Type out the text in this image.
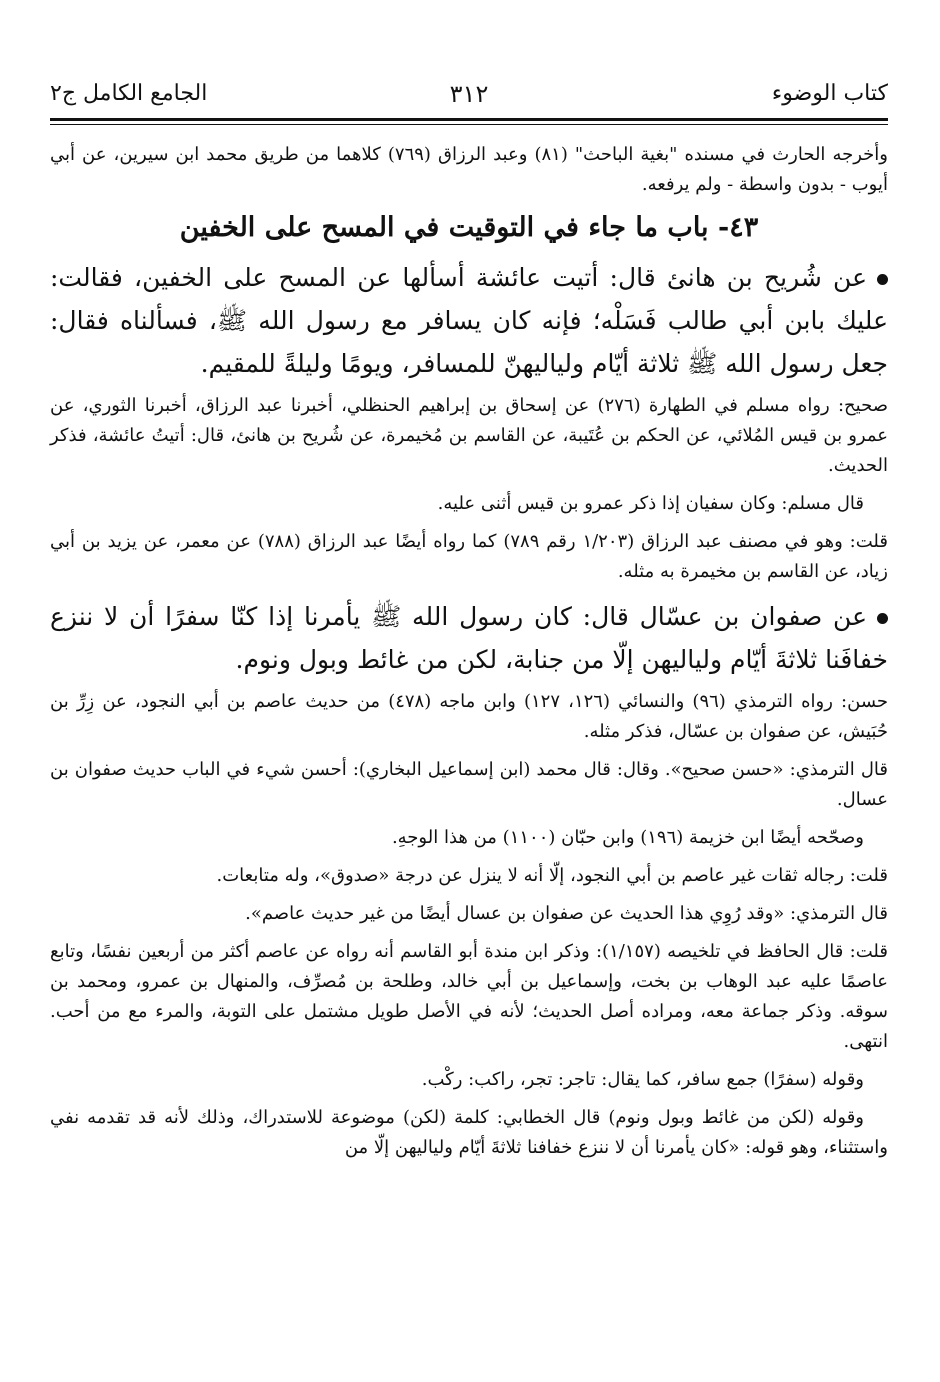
كتاب الوضوء
٣١٢
الجامع الكامل ج٢

وأخرجه الحارث في مسنده "بغية الباحث" (٨١) وعبد الرزاق (٧٦٩) كلاهما من طريق محمد ابن سيرين، عن أبي أيوب - بدون واسطة - ولم يرفعه.

٤٣- باب ما جاء في التوقيت في المسح على الخفين

عن شُريح بن هانئ قال: أتيت عائشة أسألها عن المسح على الخفين، فقالت: عليك بابن أبي طالب فَسَلْه؛ فإنه كان يسافر مع رسول الله ﷺ، فسألناه فقال: جعل رسول الله ﷺ ثلاثة أيّام ولياليهنّ للمسافر، ويومًا وليلةً للمقيم.

صحيح: رواه مسلم في الطهارة (٢٧٦) عن إسحاق بن إبراهيم الحنظلي، أخبرنا عبد الرزاق، أخبرنا الثوري، عن عمرو بن قيس المُلائي، عن الحكم بن عُتَيبة، عن القاسم بن مُخيمرة، عن شُريح بن هانئ، قال: أتيتُ عائشة، فذكر الحديث.

قال مسلم: وكان سفيان إذا ذكر عمرو بن قيس أثنى عليه.

قلت: وهو في مصنف عبد الرزاق (١/٢٠٣ رقم ٧٨٩) كما رواه أيضًا عبد الرزاق (٧٨٨) عن معمر، عن يزيد بن أبي زياد، عن القاسم بن مخيمرة به مثله.

عن صفوان بن عسّال قال: كان رسول الله ﷺ يأمرنا إذا كنّا سفرًا أن لا ننزع خفافَنا ثلاثةَ أيّام ولياليهن إلّا من جنابة، لكن من غائط وبول ونوم.

حسن: رواه الترمذي (٩٦) والنسائي (١٢٦، ١٢٧) وابن ماجه (٤٧٨) من حديث عاصم بن أبي النجود، عن زِرِّ بن حُبَيش، عن صفوان بن عسّال، فذكر مثله.

قال الترمذي: «حسن صحيح». وقال: قال محمد (ابن إسماعيل البخاري): أحسن شيء في الباب حديث صفوان بن عسال.

وصحّحه أيضًا ابن خزيمة (١٩٦) وابن حبّان (١١٠٠) من هذا الوجهِ.

قلت: رجاله ثقات غير عاصم بن أبي النجود، إلّا أنه لا ينزل عن درجة «صدوق»، وله متابعات.

قال الترمذي: «وقد رُوِي هذا الحديث عن صفوان بن عسال أيضًا من غير حديث عاصم».

قلت: قال الحافظ في تلخيصه (١/١٥٧): وذكر ابن مندة أبو القاسم أنه رواه عن عاصم أكثر من أربعين نفسًا، وتابع عاصمًا عليه عبد الوهاب بن بخت، وإسماعيل بن أبي خالد، وطلحة بن مُصرِّف، والمنهال بن عمرو، ومحمد بن سوقه. وذكر جماعة معه، ومراده أصل الحديث؛ لأنه في الأصل طويل مشتمل على التوبة، والمرء مع من أحب. انتهى.

وقوله (سفرًا) جمع سافر، كما يقال: تاجر: تجر، راكب: ركْب.

وقوله (لكن من غائط وبول ونوم) قال الخطابي: كلمة (لكن) موضوعة للاستدراك، وذلك لأنه قد تقدمه نفي واستثناء، وهو قوله: «كان يأمرنا أن لا ننزع خفافنا ثلاثةَ أيّام ولياليهن إلّا من
